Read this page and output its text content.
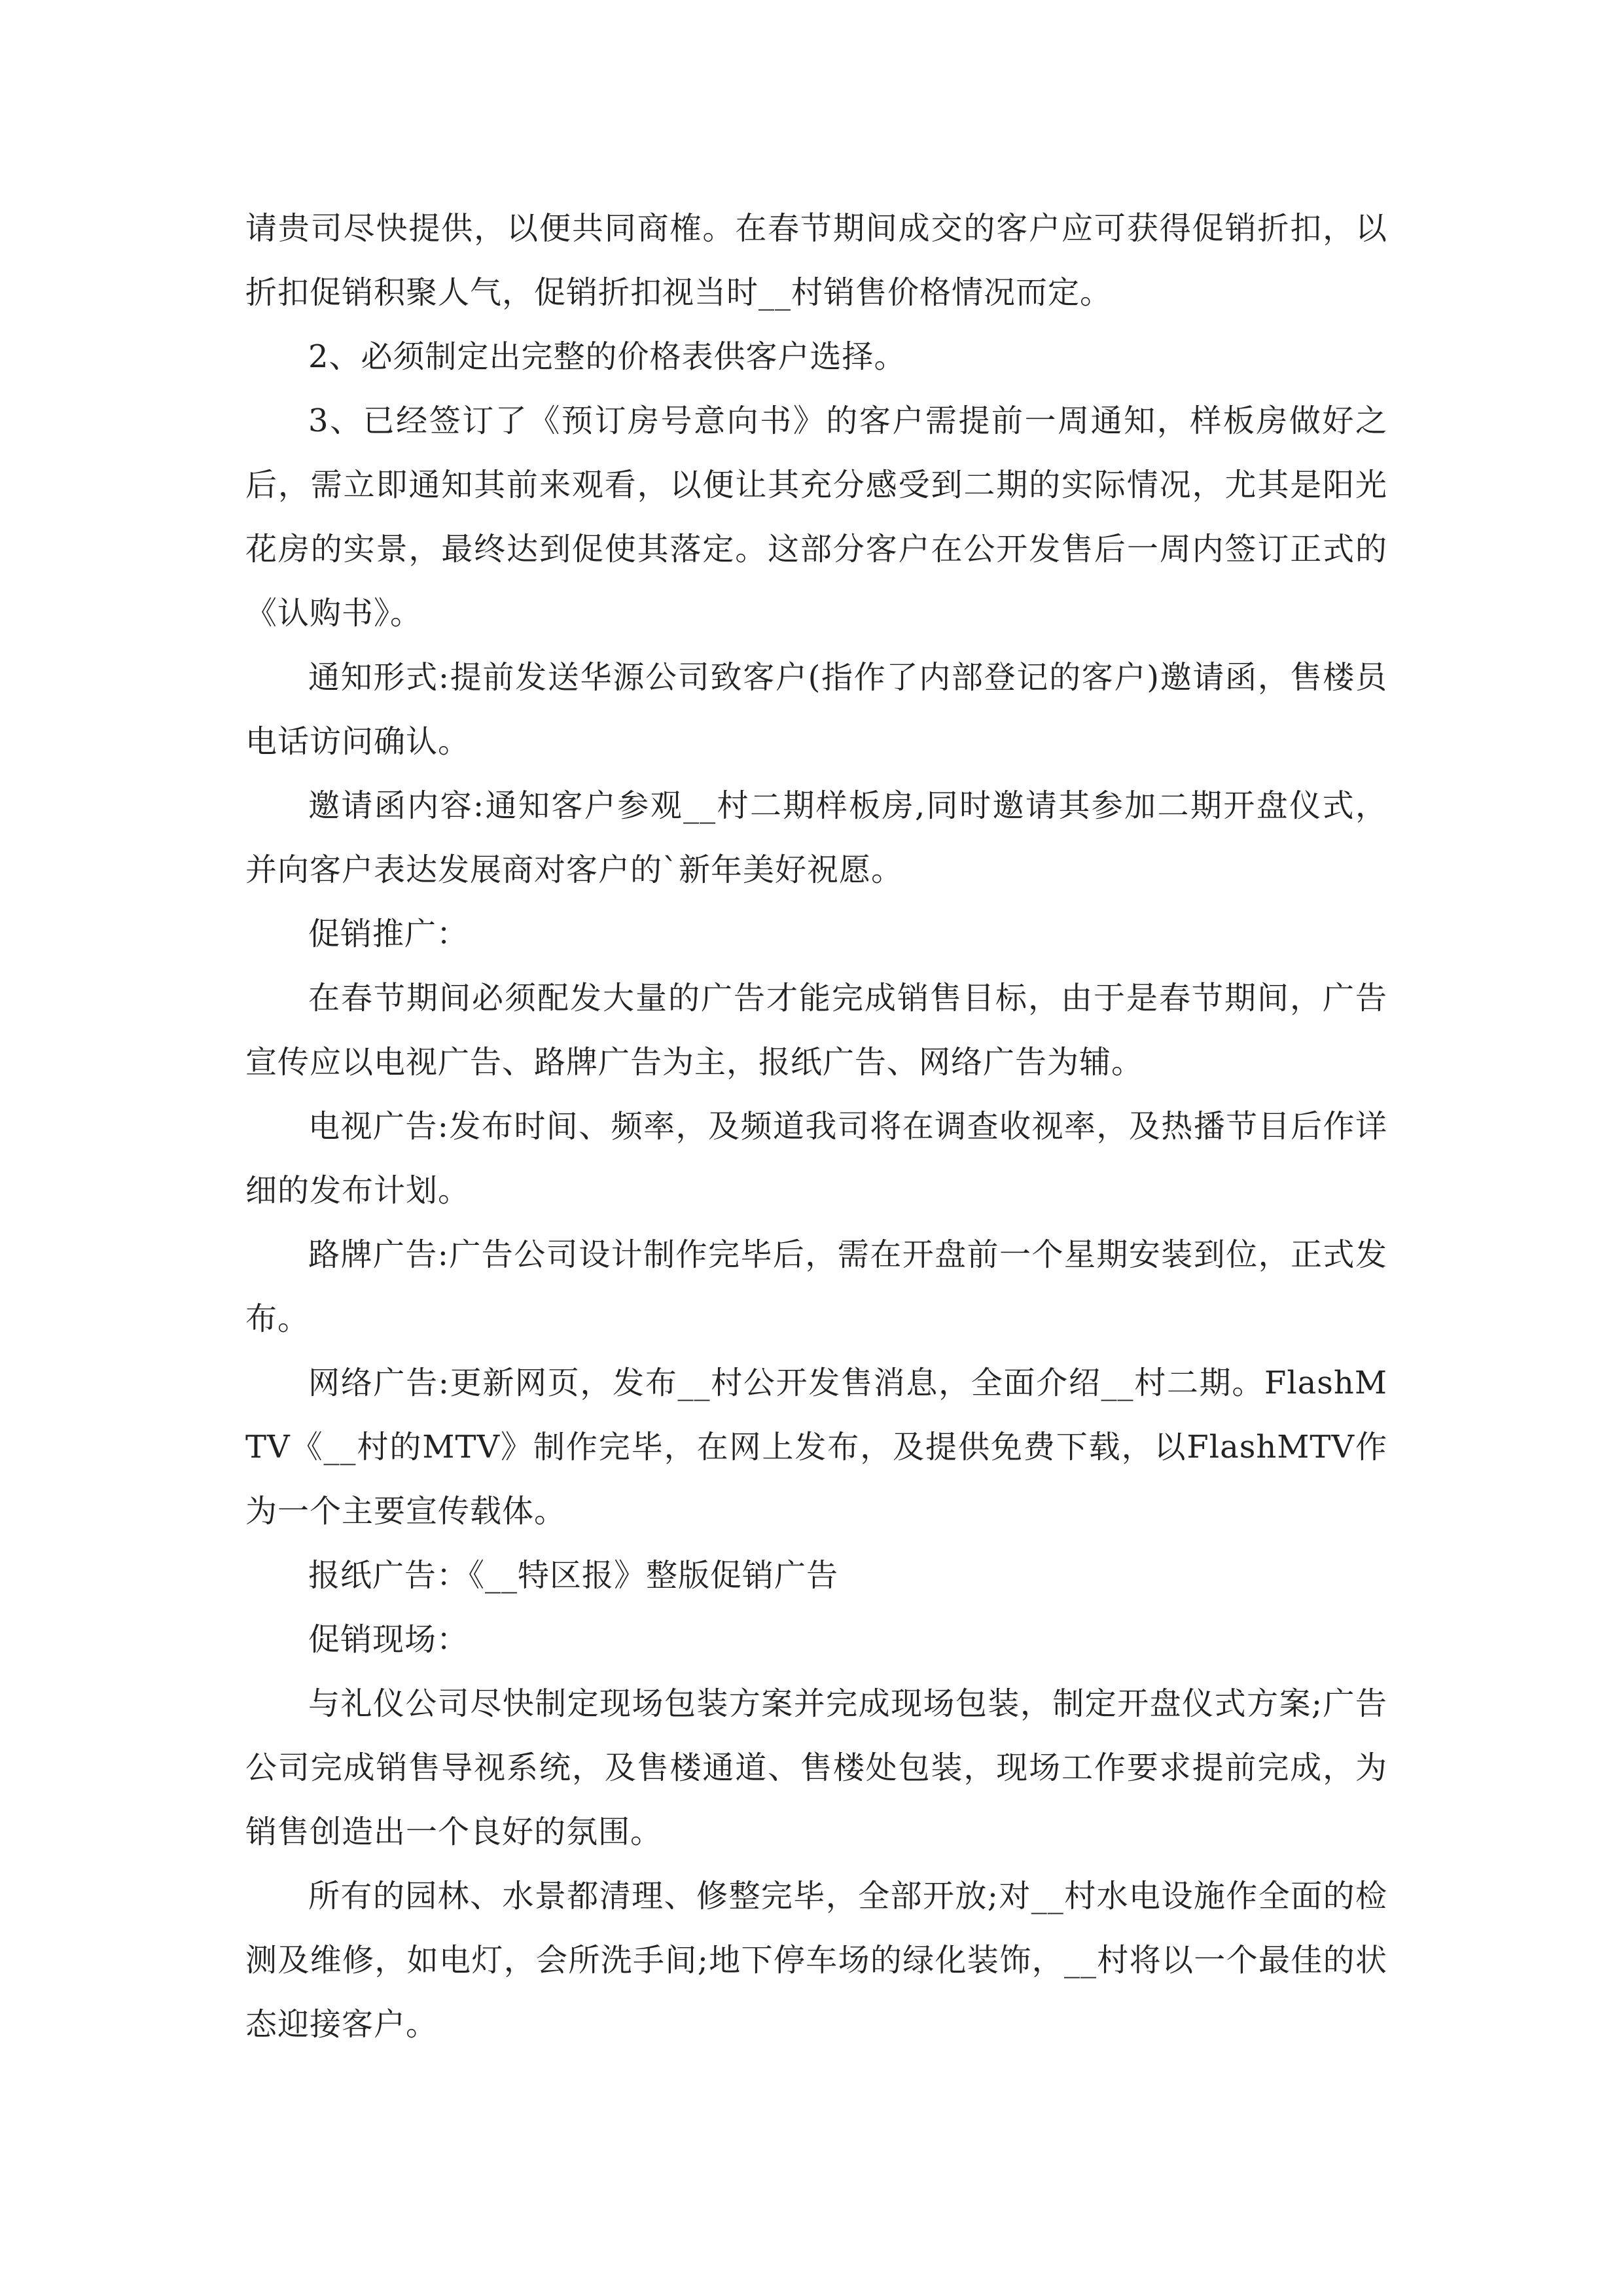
请贵司尽快提供，以便共同商榷。在春节期间成交的客户应可获得促销折扣，以折扣促销积聚人气，促销折扣视当时__村销售价格情况而定。

2、必须制定出完整的价格表供客户选择。

3、已经签订了《预订房号意向书》的客户需提前一周通知，样板房做好之后，需立即通知其前来观看，以便让其充分感受到二期的实际情况，尤其是阳光花房的实景，最终达到促使其落定。这部分客户在公开发售后一周内签订正式的《认购书》。

通知形式:提前发送华源公司致客户(指作了内部登记的客户)邀请函，售楼员电话访问确认。

邀请函内容:通知客户参观__村二期样板房,同时邀请其参加二期开盘仪式，并向客户表达发展商对客户的`新年美好祝愿。

促销推广：

在春节期间必须配发大量的广告才能完成销售目标，由于是春节期间，广告宣传应以电视广告、路牌广告为主，报纸广告、网络广告为辅。

电视广告:发布时间、频率，及频道我司将在调查收视率，及热播节目后作详细的发布计划。

路牌广告:广告公司设计制作完毕后，需在开盘前一个星期安装到位，正式发布。

网络广告:更新网页，发布__村公开发售消息，全面介绍__村二期。FlashMTV《__村的MTV》制作完毕，在网上发布，及提供免费下载，以FlashMTV作为一个主要宣传载体。

报纸广告：《__特区报》整版促销广告

促销现场：

与礼仪公司尽快制定现场包装方案并完成现场包装，制定开盘仪式方案;广告公司完成销售导视系统，及售楼通道、售楼处包装，现场工作要求提前完成，为销售创造出一个良好的氛围。

所有的园林、水景都清理、修整完毕，全部开放;对__村水电设施作全面的检测及维修，如电灯，会所洗手间;地下停车场的绿化装饰，__村将以一个最佳的状态迎接客户。
